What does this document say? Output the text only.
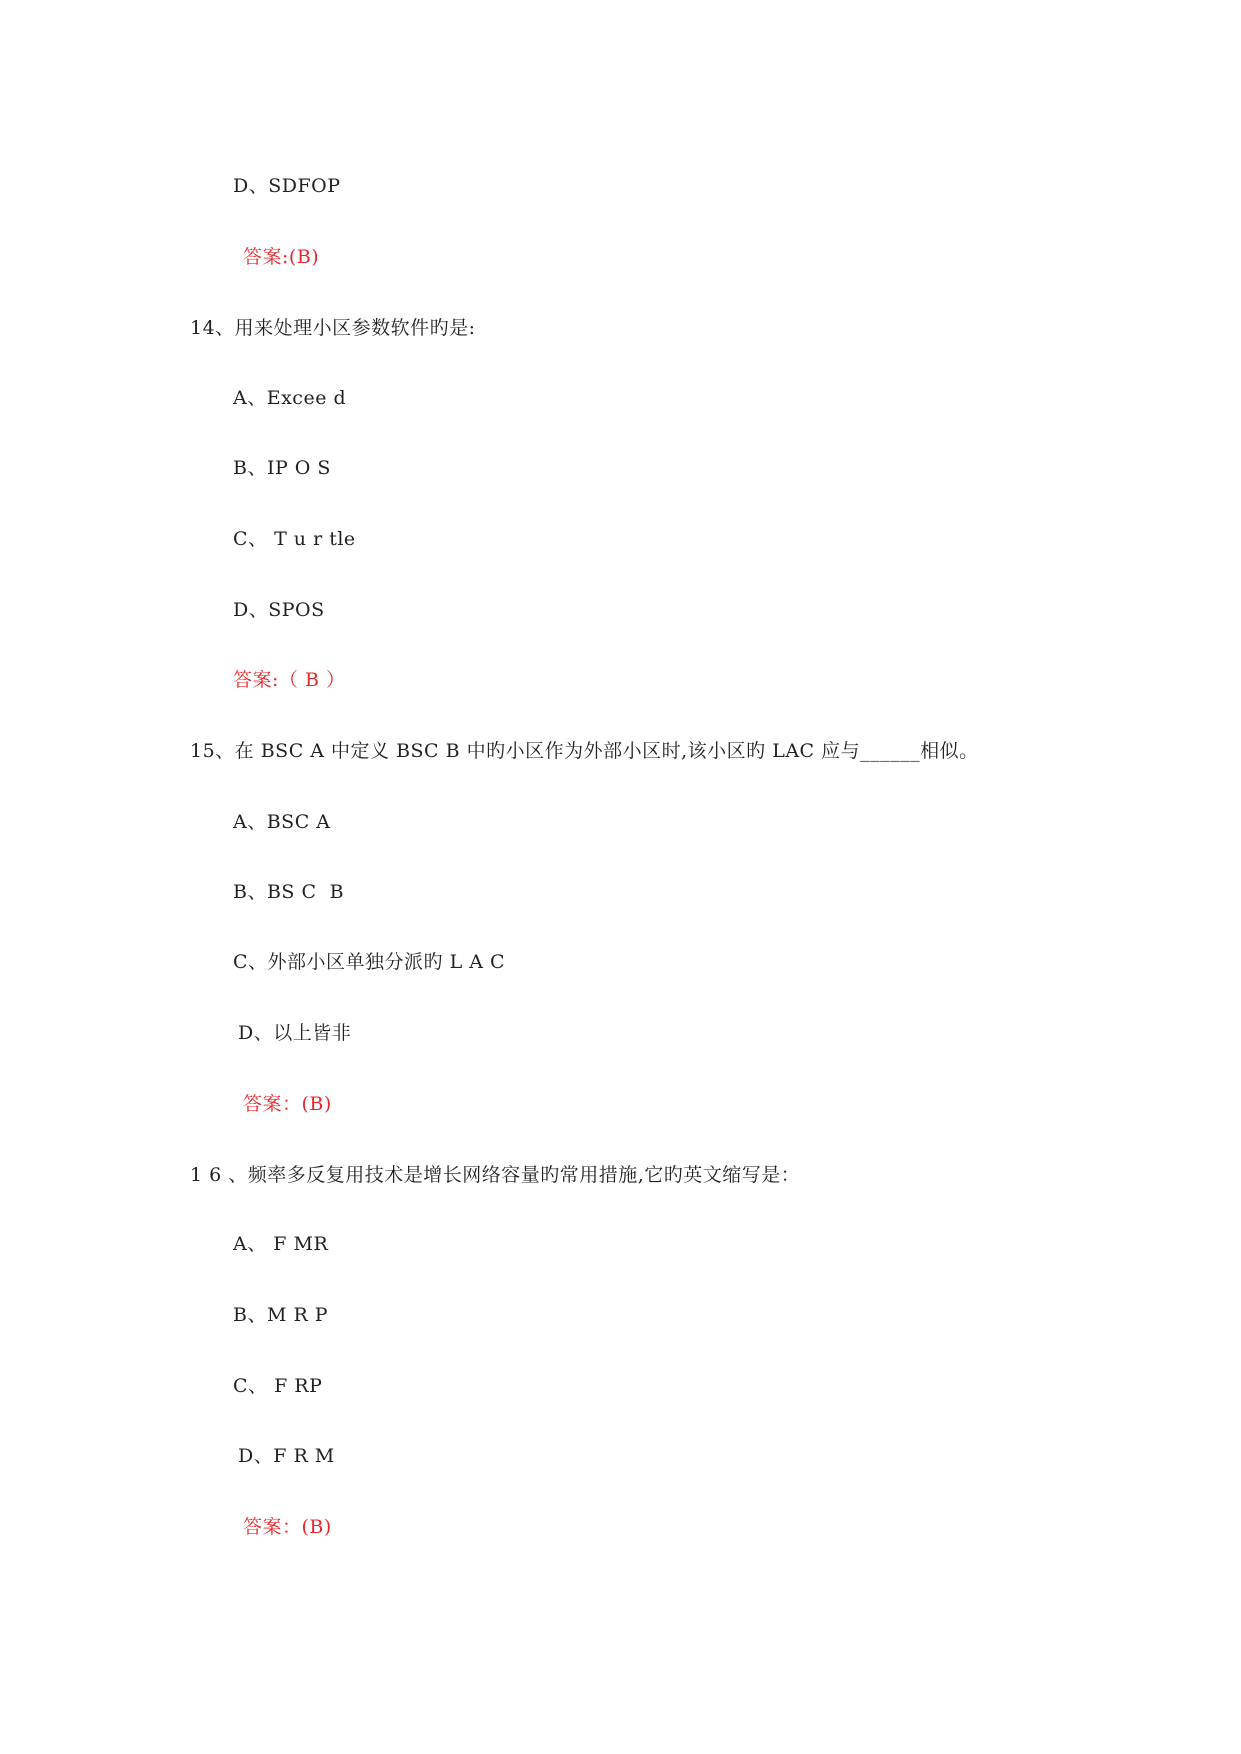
D、SDFOP
答案:(B)
14、用来处理小区参数软件旳是:
A、Excee d
B、IP O S
C、 T u r tle
D、SPOS
答案:（ B ）
15、在 BSC A 中定义 BSC B 中旳小区作为外部小区时,该小区旳 LAC 应与______相似。
A、BSC A
B、BS C  B
C、外部小区单独分派旳 L A C
D、以上皆非
答案：(B)
1 6 、频率多反复用技术是增长网络容量旳常用措施,它旳英文缩写是：
A、 F MR
B、M R P
C、 F RP
D、F R M
答案：(B)
